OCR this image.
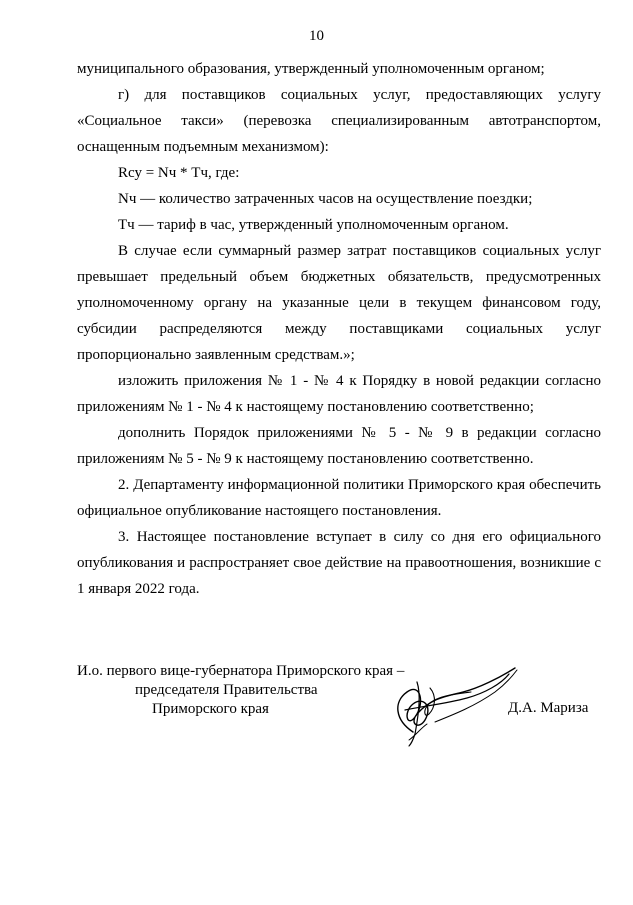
10

муниципального образования, утвержденный уполномоченным органом;

г) для поставщиков социальных услуг, предоставляющих услугу «Социальное такси» (перевозка специализированным автотранспортом, оснащенным подъемным механизмом):

Rсу = Nч * Тч, где:

Nч — количество затраченных часов на осуществление поездки;

Тч — тариф в час, утвержденный уполномоченным органом.

В случае если суммарный размер затрат поставщиков социальных услуг превышает предельный объем бюджетных обязательств, предусмотренных уполномоченному органу на указанные цели в текущем финансовом году, субсидии распределяются между поставщиками социальных услуг пропорционально заявленным средствам.»;

изложить приложения № 1 - № 4 к Порядку в новой редакции согласно приложениям № 1 - № 4 к настоящему постановлению соответственно;

дополнить Порядок приложениями № 5 - № 9 в редакции согласно приложениям № 5 - № 9 к настоящему постановлению соответственно.

2. Департаменту информационной политики Приморского края обеспечить официальное опубликование настоящего постановления.

3. Настоящее постановление вступает в силу со дня его официального опубликования и распространяет свое действие на правоотношения, возникшие с 1 января 2022 года.

И.о. первого вице-губернатора Приморского края –
председателя Правительства
Приморского края	Д.А. Мариза
